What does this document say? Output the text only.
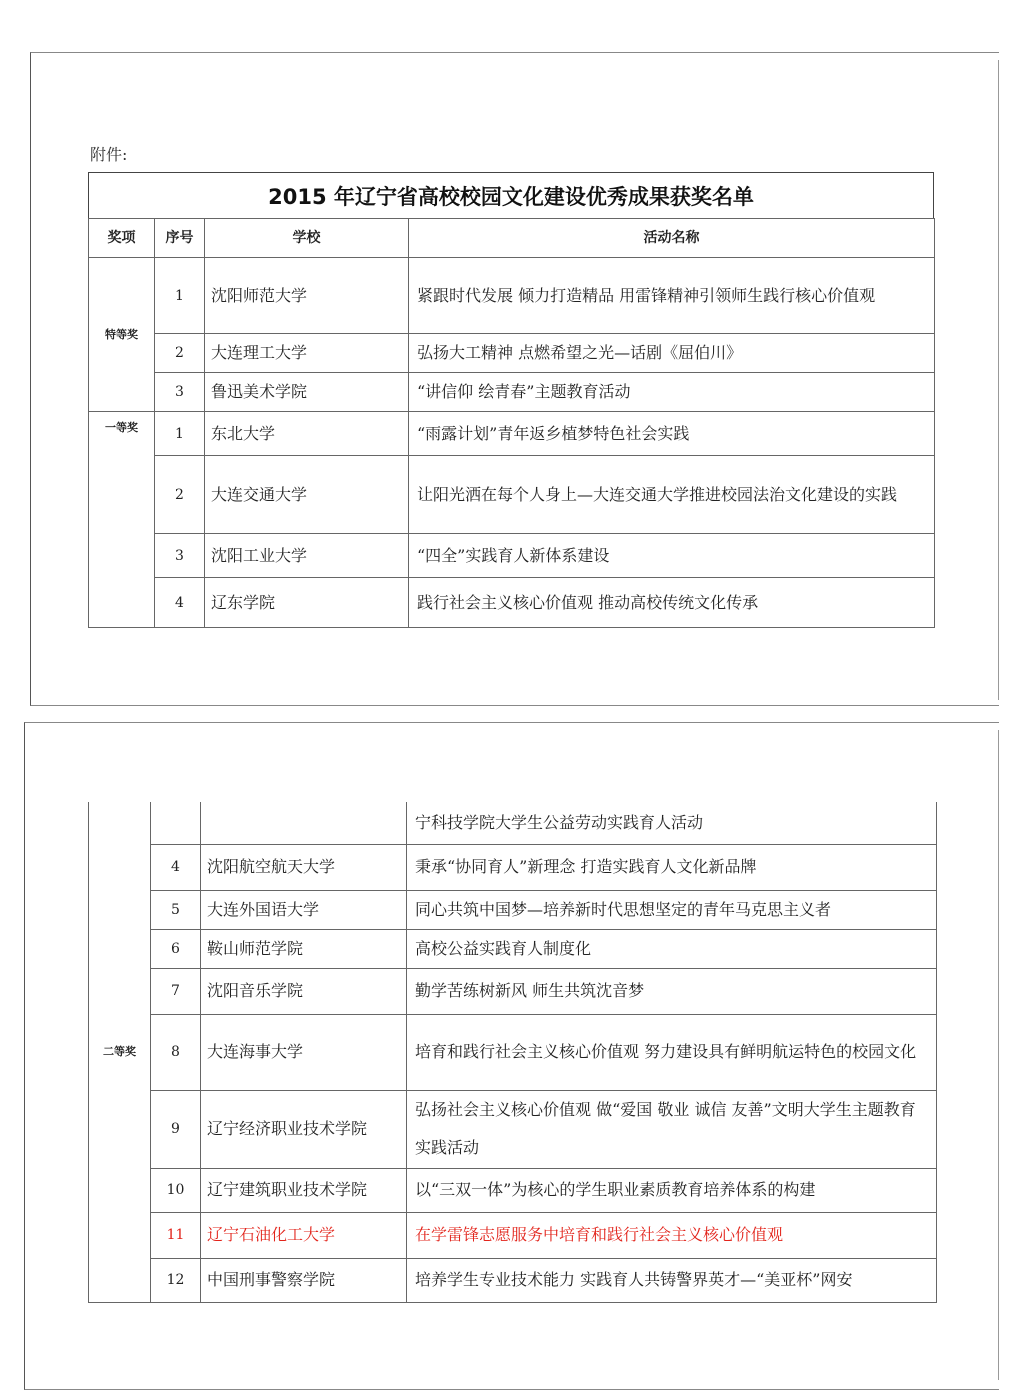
附件:
2015 年辽宁省高校校园文化建设优秀成果获奖名单
奖项	序号	学校	活动名称
特等奖	1	沈阳师范大学	紧跟时代发展 倾力打造精品 用雷锋精神引领师生践行核心价值观
	2	大连理工大学	弘扬大工精神 点燃希望之光—话剧《屈伯川》
	3	鲁迅美术学院	“讲信仰 绘青春”主题教育活动
一等奖	1	东北大学	“雨露计划”青年返乡植梦特色社会实践
	2	大连交通大学	让阳光洒在每个人身上—大连交通大学推进校园法治文化建设的实践
	3	沈阳工业大学	“四全”实践育人新体系建设
	4	辽东学院	践行社会主义核心价值观 推动高校传统文化传承
二等奖			宁科技学院大学生公益劳动实践育人活动
	4	沈阳航空航天大学	秉承“协同育人”新理念 打造实践育人文化新品牌
	5	大连外国语大学	同心共筑中国梦—培养新时代思想坚定的青年马克思主义者
	6	鞍山师范学院	高校公益实践育人制度化
	7	沈阳音乐学院	勤学苦练树新风 师生共筑沈音梦
	8	大连海事大学	培育和践行社会主义核心价值观 努力建设具有鲜明航运特色的校园文化
	9	辽宁经济职业技术学院	弘扬社会主义核心价值观 做“爱国 敬业 诚信 友善”文明大学生主题教育实践活动
	10	辽宁建筑职业技术学院	以“三双一体”为核心的学生职业素质教育培养体系的构建
	11	辽宁石油化工大学	在学雷锋志愿服务中培育和践行社会主义核心价值观
	12	中国刑事警察学院	培养学生专业技术能力 实践育人共铸警界英才—“美亚杯”网安
